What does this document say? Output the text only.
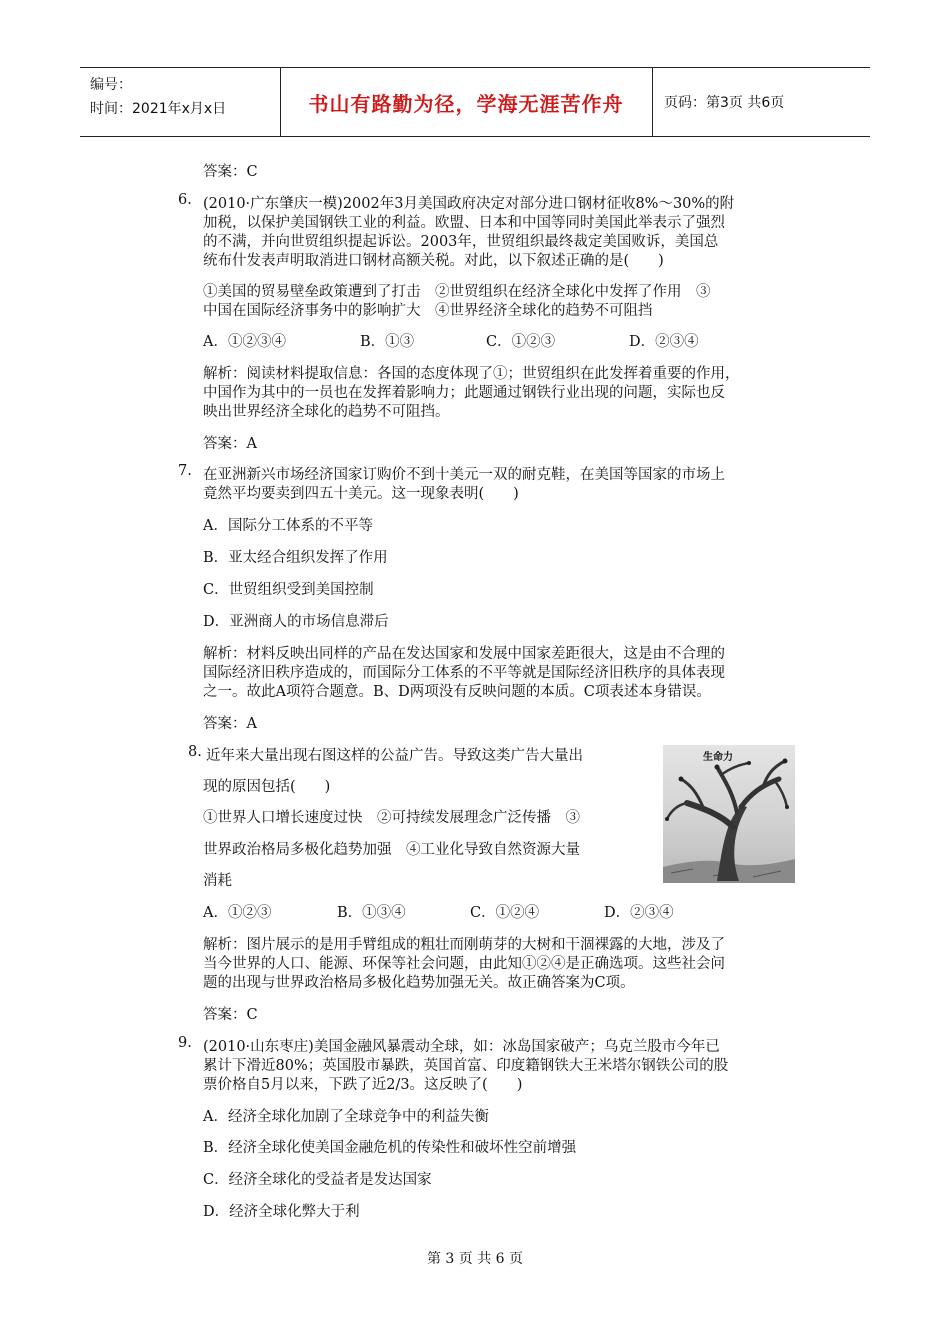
编号：
时间：2021年x月x日	书山有路勤为径，学海无涯苦作舟	页码：第3页 共6页
答案：C
6. (2010·广东肇庆一模)2002年3月美国政府决定对部分进口钢材征收8%～30%的附
加税，以保护美国钢铁工业的利益。欧盟、日本和中国等同时美国此举表示了强烈
的不满，并向世贸组织提起诉讼。2003年，世贸组织最终裁定美国败诉，美国总
统布什发表声明取消进口钢材高额关税。对此，以下叙述正确的是(　　)
①美国的贸易壁垒政策遭到了打击　②世贸组织在经济全球化中发挥了作用　③
中国在国际经济事务中的影响扩大　④世界经济全球化的趋势不可阻挡
A．①②③④	B．①③	C．①②③	D．②③④
解析：阅读材料提取信息：各国的态度体现了①；世贸组织在此发挥着重要的作用，
中国作为其中的一员也在发挥着影响力；此题通过钢铁行业出现的问题，实际也反
映出世界经济全球化的趋势不可阻挡。
答案：A
7. 在亚洲新兴市场经济国家订购价不到十美元一双的耐克鞋，在美国等国家的市场上
竟然平均要卖到四五十美元。这一现象表明(　　)
A．国际分工体系的不平等
B．亚太经合组织发挥了作用
C．世贸组织受到美国控制
D．亚洲商人的市场信息滞后
解析：材料反映出同样的产品在发达国家和发展中国家差距很大，这是由不合理的
国际经济旧秩序造成的，而国际分工体系的不平等就是国际经济旧秩序的具体表现
之一。故此A项符合题意。B、D两项没有反映问题的本质。C项表述本身错误。
答案：A
8. 近年来大量出现右图这样的公益广告。导致这类广告大量出
现的原因包括(　　)
①世界人口增长速度过快　②可持续发展理念广泛传播　③
世界政治格局多极化趋势加强　④工业化导致自然资源大量
消耗
生命力
A．①②③	B．①③④	C．①②④	D．②③④
解析：图片展示的是用手臂组成的粗壮而刚萌芽的大树和干涸裸露的大地，涉及了
当今世界的人口、能源、环保等社会问题，由此知①②④是正确选项。这些社会问
题的出现与世界政治格局多极化趋势加强无关。故正确答案为C项。
答案：C
9. (2010·山东枣庄)美国金融风暴震动全球，如：冰岛国家破产；乌克兰股市今年已
累计下滑近80%；英国股市暴跌，英国首富、印度籍钢铁大王米塔尔钢铁公司的股
票价格自5月以来，下跌了近2/3。这反映了(　　)
A．经济全球化加剧了全球竞争中的利益失衡
B．经济全球化使美国金融危机的传染性和破坏性空前增强
C．经济全球化的受益者是发达国家
D．经济全球化弊大于利
第 3 页 共 6 页
